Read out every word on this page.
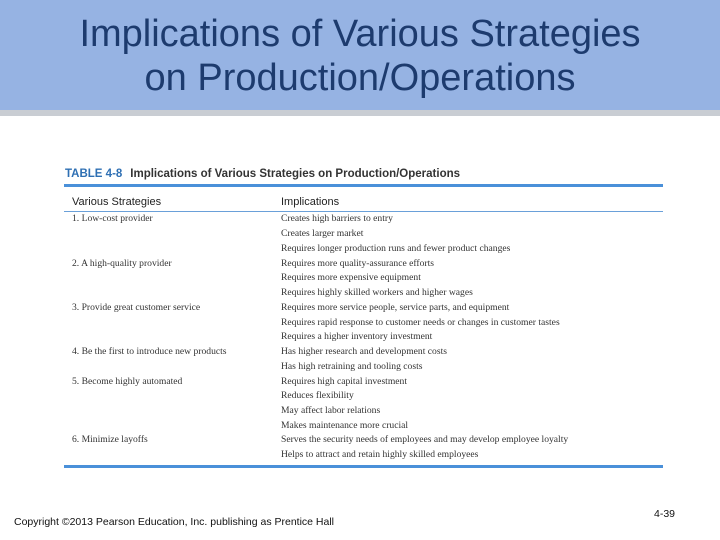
Implications of Various Strategies
on Production/Operations
TABLE 4-8 Implications of Various Strategies on Production/Operations
Various Strategies	Implications
1. Low-cost provider
2. A high-quality provider
3. Provide great customer service
4. Be the first to introduce new products
5. Become highly automated
6. Minimize layoffs
Creates high barriers to entry
Creates larger market
Requires longer production runs and fewer product changes
Requires more quality-assurance efforts
Requires more expensive equipment
Requires highly skilled workers and higher wages
Requires more service people, service parts, and equipment
Requires rapid response to customer needs or changes in customer tastes
Requires a higher inventory investment
Has higher research and development costs
Has high retraining and tooling costs
Requires high capital investment
Reduces flexibility
May affect labor relations
Makes maintenance more crucial
Serves the security needs of employees and may develop employee loyalty
Helps to attract and retain highly skilled employees
Copyright ©2013 Pearson Education, Inc. publishing as Prentice Hall
4-39
